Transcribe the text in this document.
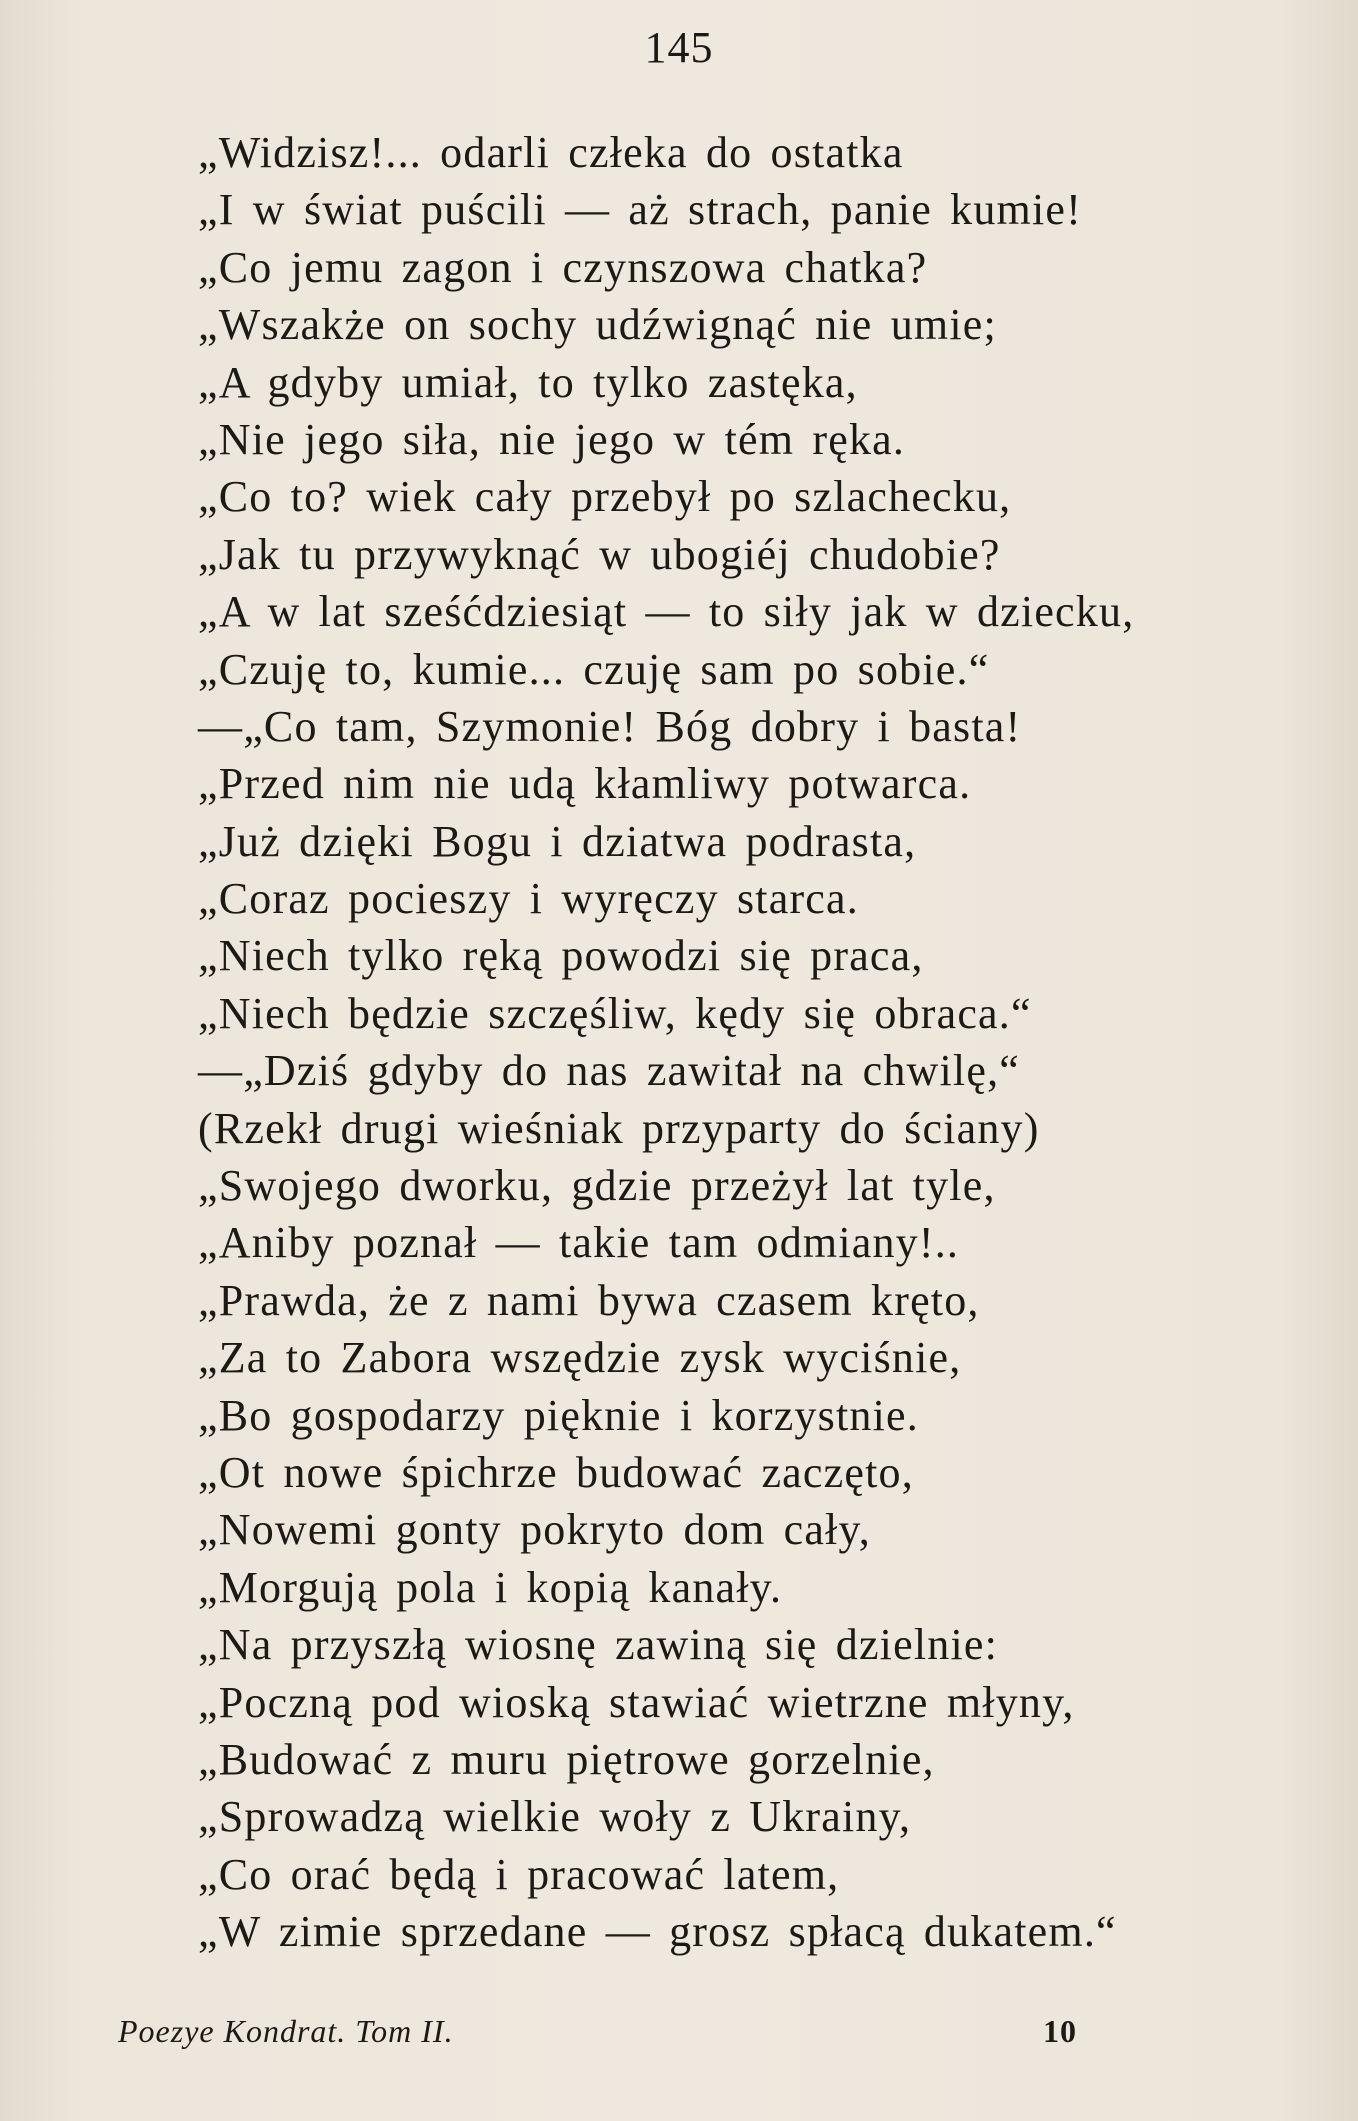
145
„Widzisz!... odarli człeka do ostatka
„I w świat puścili — aż strach, panie kumie!
„Co jemu zagon i czynszowa chatka?
„Wszakże on sochy udźwignąć nie umie;
„A gdyby umiał, to tylko zastęka,
„Nie jego siła, nie jego w tém ręka.
„Co to? wiek cały przebył po szlachecku,
„Jak tu przywyknąć w ubogiéj chudobie?
„A w lat sześćdziesiąt — to siły jak w dziecku,
„Czuję to, kumie... czuję sam po sobie.“
—„Co tam, Szymonie! Bóg dobry i basta!
„Przed nim nie udą kłamliwy potwarca.
„Już dzięki Bogu i dziatwa podrasta,
„Coraz pocieszy i wyręczy starca.
„Niech tylko ręką powodzi się praca,
„Niech będzie szczęśliw, kędy się obraca.“
—„Dziś gdyby do nas zawitał na chwilę,“
(Rzekł drugi wieśniak przyparty do ściany)
„Swojego dworku, gdzie przeżył lat tyle,
„Aniby poznał — takie tam odmiany!..
„Prawda, że z nami bywa czasem kręto,
„Za to Zabora wszędzie zysk wyciśnie,
„Bo gospodarzy pięknie i korzystnie.
„Ot nowe śpichrze budować zaczęto,
„Nowemi gonty pokryto dom cały,
„Morgują pola i kopią kanały.
„Na przyszłą wiosnę zawiną się dzielnie:
„Poczną pod wioską stawiać wietrzne młyny,
„Budować z muru piętrowe gorzelnie,
„Sprowadzą wielkie woły z Ukrainy,
„Co orać będą i pracować latem,
„W zimie sprzedane — grosz spłacą dukatem.“
Poezye Kondrat. Tom II.	10
